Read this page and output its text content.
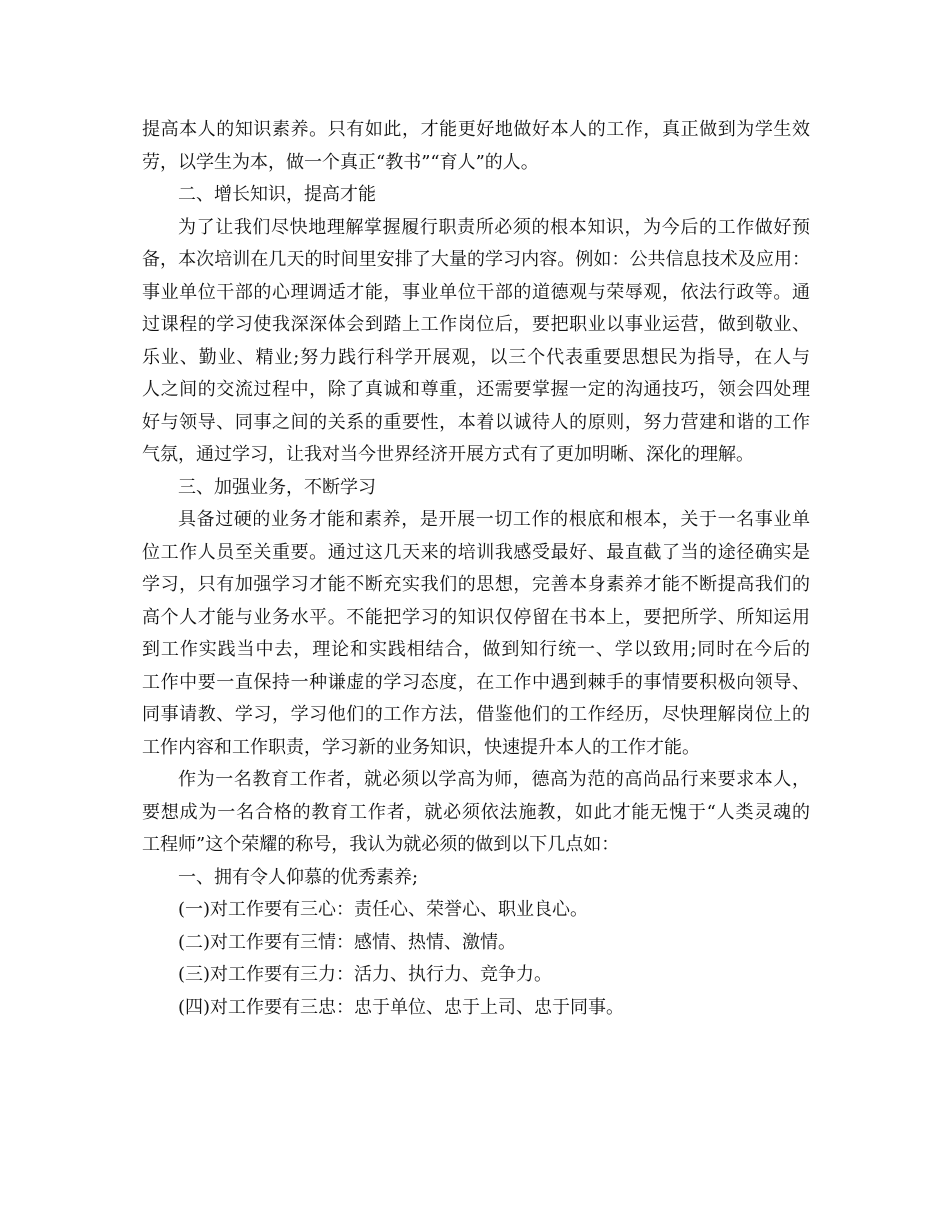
提高本人的知识素养。只有如此，才能更好地做好本人的工作，真正做到为学生效
劳，以学生为本，做一个真正“教书”“育人”的人。
二、增长知识，提高才能
为了让我们尽快地理解掌握履行职责所必须的根本知识，为今后的工作做好预
备，本次培训在几天的时间里安排了大量的学习内容。例如：公共信息技术及应用：
事业单位干部的心理调适才能，事业单位干部的道德观与荣辱观，依法行政等。通
过课程的学习使我深深体会到踏上工作岗位后，要把职业以事业运营，做到敬业、
乐业、勤业、精业;努力践行科学开展观，以三个代表重要思想民为指导，在人与
人之间的交流过程中，除了真诚和尊重，还需要掌握一定的沟通技巧，领会四处理
好与领导、同事之间的关系的重要性，本着以诚待人的原则，努力营建和谐的工作
气氛，通过学习，让我对当今世界经济开展方式有了更加明晰、深化的理解。
三、加强业务，不断学习
具备过硬的业务才能和素养，是开展一切工作的根底和根本，关于一名事业单
位工作人员至关重要。通过这几天来的培训我感受最好、最直截了当的途径确实是
学习，只有加强学习才能不断充实我们的思想，完善本身素养才能不断提高我们的
高个人才能与业务水平。不能把学习的知识仅停留在书本上，要把所学、所知运用
到工作实践当中去，理论和实践相结合，做到知行统一、学以致用;同时在今后的
工作中要一直保持一种谦虚的学习态度，在工作中遇到棘手的事情要积极向领导、
同事请教、学习，学习他们的工作方法，借鉴他们的工作经历，尽快理解岗位上的
工作内容和工作职责，学习新的业务知识，快速提升本人的工作才能。
作为一名教育工作者，就必须以学高为师，德高为范的高尚品行来要求本人，
要想成为一名合格的教育工作者，就必须依法施教，如此才能无愧于“人类灵魂的
工程师”这个荣耀的称号，我认为就必须的做到以下几点如：
一、拥有令人仰慕的优秀素养;
(一)对工作要有三心：责任心、荣誉心、职业良心。
(二)对工作要有三情：感情、热情、激情。
(三)对工作要有三力：活力、执行力、竞争力。
(四)对工作要有三忠：忠于单位、忠于上司、忠于同事。
